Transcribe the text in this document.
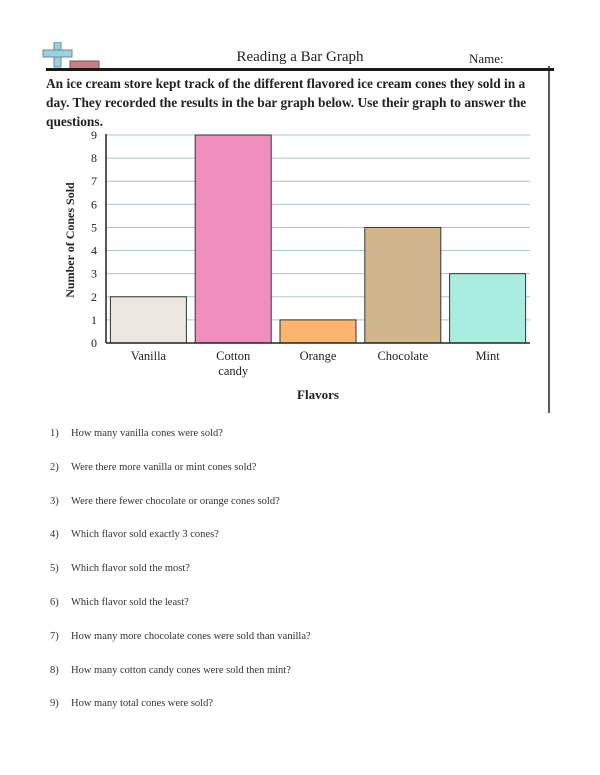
Reading a Bar Graph	Name:
An ice cream store kept track of the different flavored ice cream cones they sold in a day. They recorded the results in the bar graph below. Use their graph to answer the questions.
0
1
2
3
4
5
6
7
8
9
Vanilla	Cotton
candy
Orange	Chocolate	Mint
Flavors
Number of Cones Sold
1) How many vanilla cones were sold?
2) Were there more vanilla or mint cones sold?
3) Were there fewer chocolate or orange cones sold?
4) Which flavor sold exactly 3 cones?
5) Which flavor sold the most?
6) Which flavor sold the least?
7) How many more chocolate cones were sold than vanilla?
8) How many cotton candy cones were sold then mint?
9) How many total cones were sold?
